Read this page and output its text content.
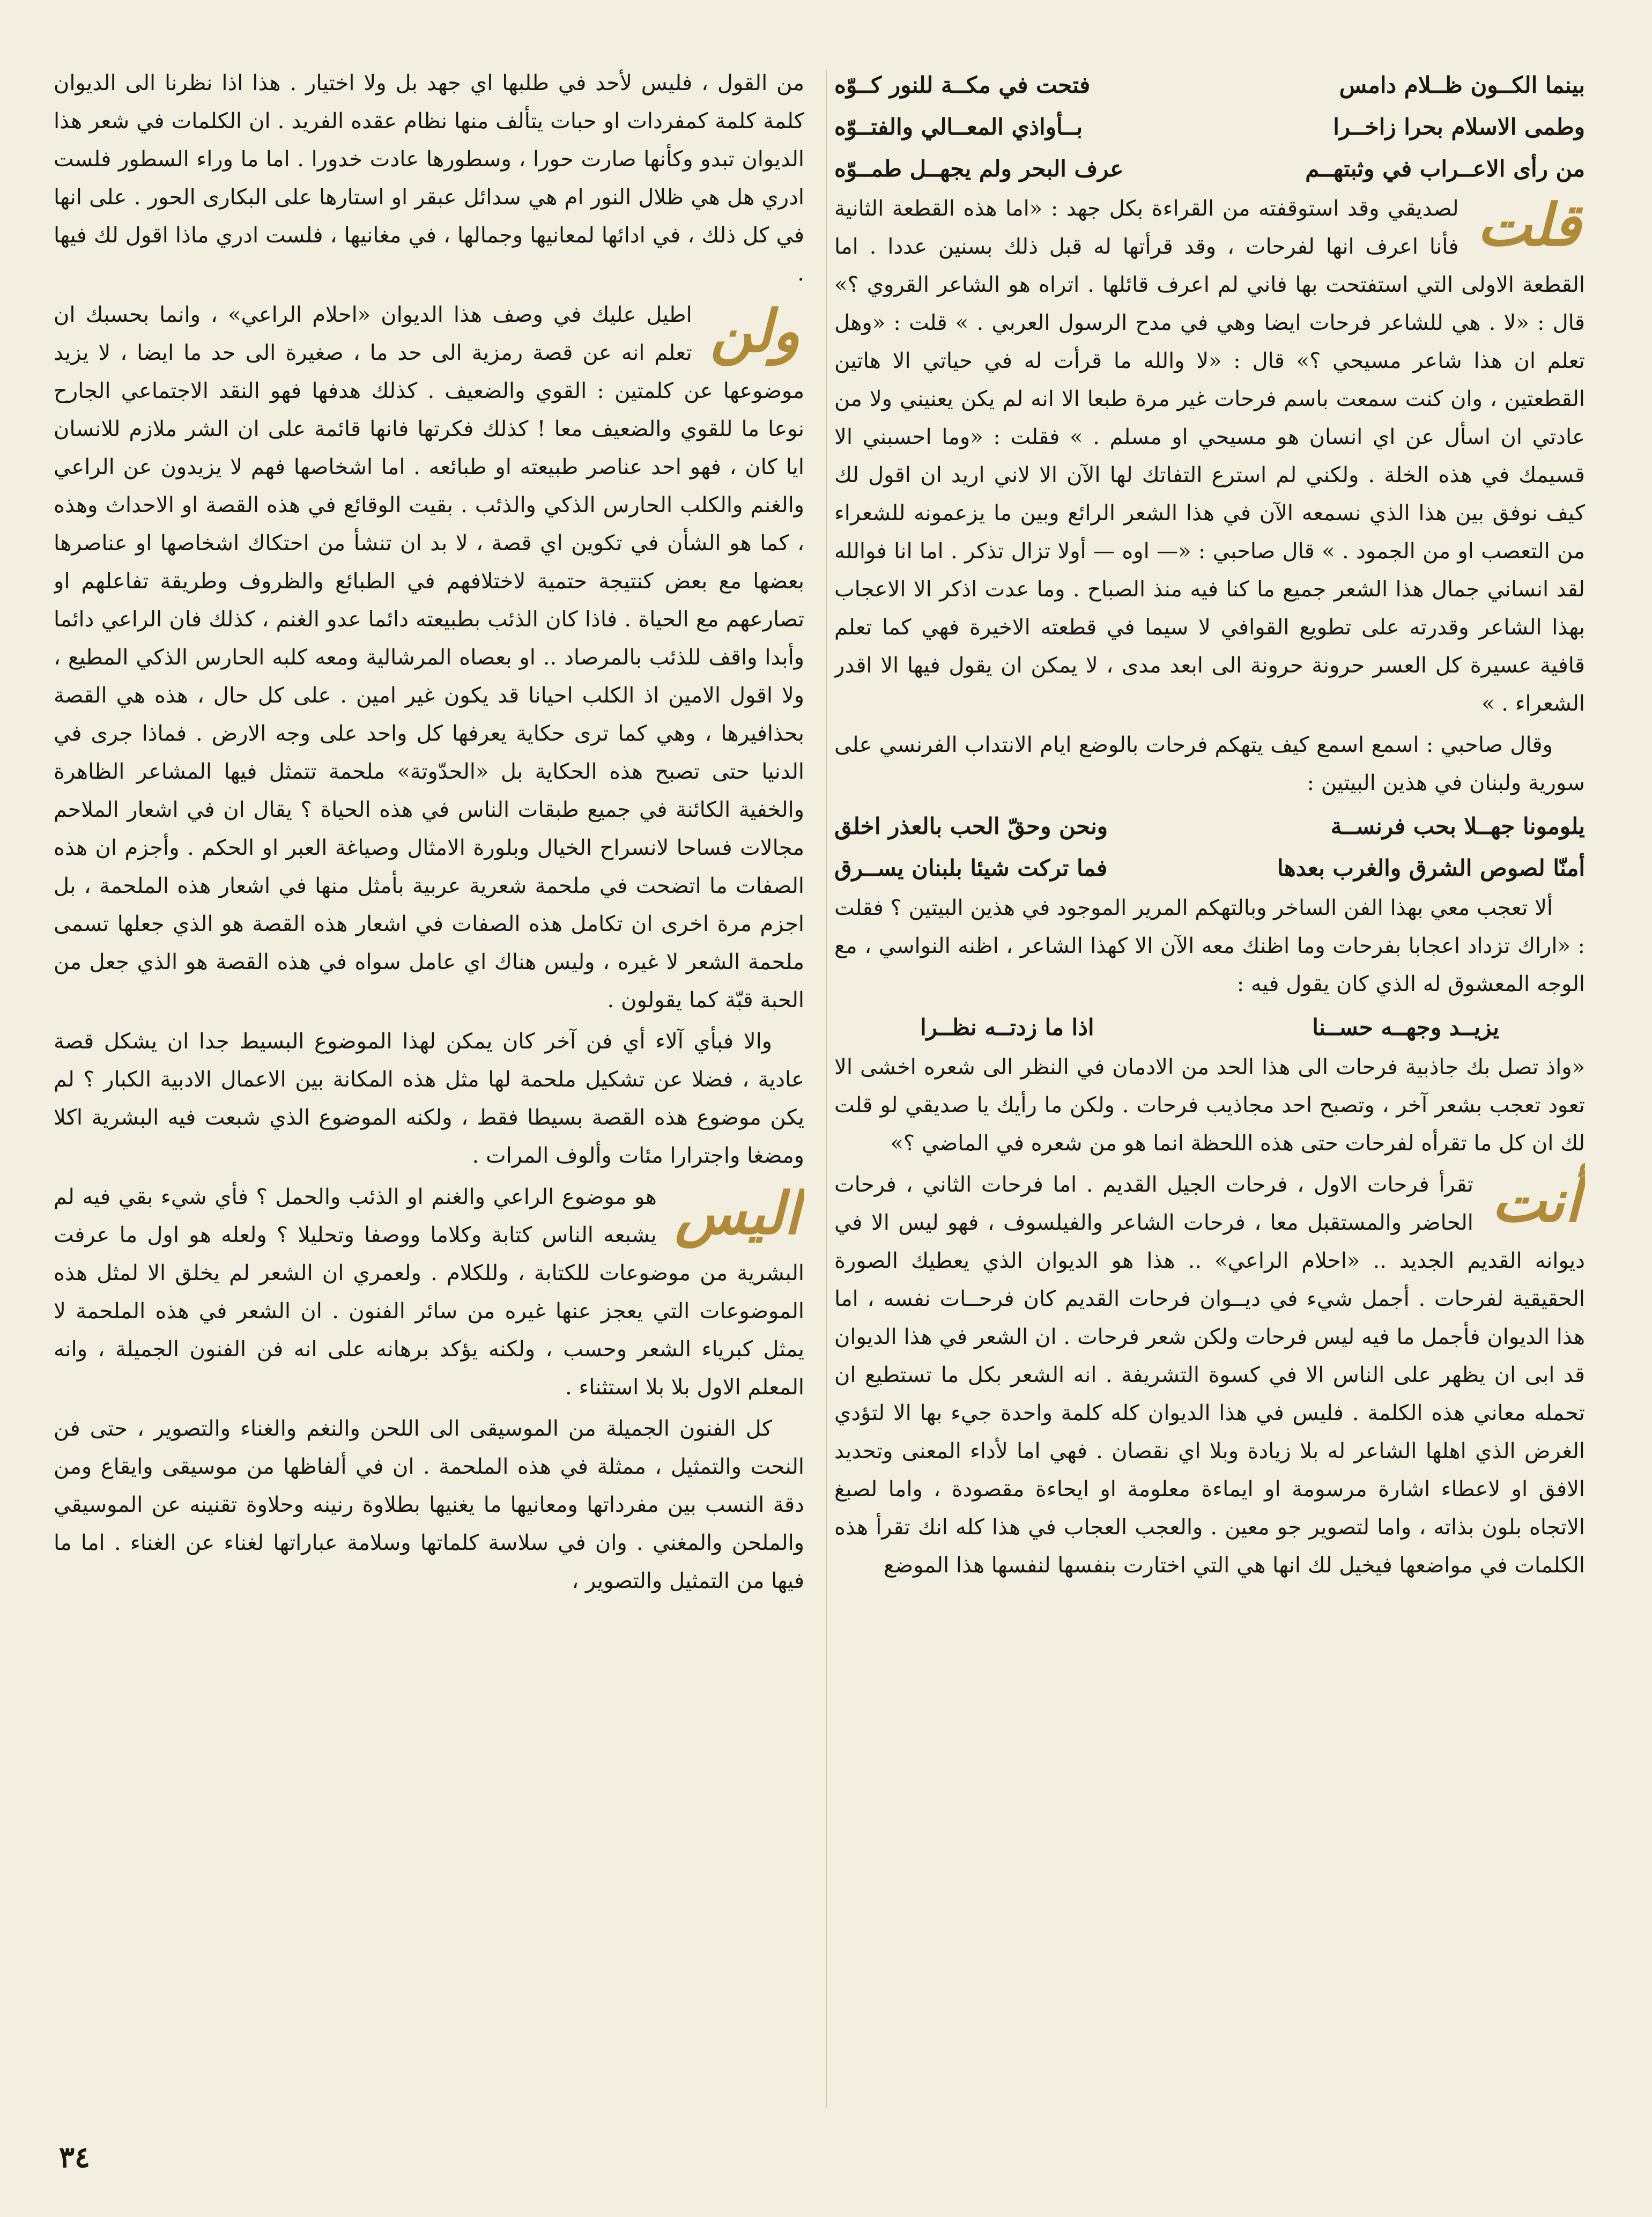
بينما الكــون ظــلام دامس
فتحت في مكــة للنور كــوّه
وطمى الاسلام بحرا زاخــرا
بــأواذي المعــالي والفتــوّه
من رأى الاعــراب في وثبتهــم
عرف البحر ولم يجهــل طمــوّه

قلت
لصديقي وقد استوقفته من القراءة بكل جهد : «اما هذه القطعة الثانية فأنا اعرف انها لفرحات ، وقد قرأتها له قبل ذلك بسنين عددا . اما القطعة الاولى التي استفتحت بها فاني لم اعرف قائلها . اتراه هو الشاعر القروي ؟» قال : «لا . هي للشاعر فرحات ايضا وهي في مدح الرسول العربي . » قلت : «وهل تعلم ان هذا شاعر مسيحي ؟» قال : «لا والله ما قرأت له في حياتي الا هاتين القطعتين ، وان كنت سمعت باسم فرحات غير مرة طبعا الا انه لم يكن يعنيني ولا من عادتي ان اسأل عن اي انسان هو مسيحي او مسلم . » فقلت : «وما احسبني الا قسيمك في هذه الخلة . ولكني لم استرع التفاتك لها الآن الا لاني اريد ان اقول لك كيف نوفق بين هذا الذي نسمعه الآن في هذا الشعر الرائع وبين ما يزعمونه للشعراء من التعصب او من الجمود . » قال صاحبي : «— اوه — أولا تزال تذكر . اما انا فوالله لقد انساني جمال هذا الشعر جميع ما كنا فيه منذ الصباح . وما عدت اذكر الا الاعجاب بهذا الشاعر وقدرته على تطويع القوافي لا سيما في قطعته الاخيرة فهي كما تعلم قافية عسيرة كل العسر حرونة حرونة الى ابعد مدى ، لا يمكن ان يقول فيها الا اقدر الشعراء . »

وقال صاحبي : اسمع اسمع كيف يتهكم فرحات بالوضع ايام الانتداب الفرنسي على سورية ولبنان في هذين البيتين :

يلومونا جهــلا بحب فرنســة
ونحن وحقّ الحب بالعذر اخلق
أمنّا لصوص الشرق والغرب بعدها
فما تركت شيئا بلبنان يســرق

ألا تعجب معي بهذا الفن الساخر وبالتهكم المرير الموجود في هذين البيتين ؟ فقلت : «اراك تزداد اعجابا بفرحات وما اظنك معه الآن الا كهذا الشاعر ، اظنه النواسي ، مع الوجه المعشوق له الذي كان يقول فيه :

يزيــد وجهــه حســنا
اذا ما زدتــه نظــرا

«واذ تصل بك جاذبية فرحات الى هذا الحد من الادمان في النظر الى شعره اخشى الا تعود تعجب بشعر آخر ، وتصبح احد مجاذيب فرحات . ولكن ما رأيك يا صديقي لو قلت لك ان كل ما تقرأه لفرحات حتى هذه اللحظة انما هو من شعره في الماضي ؟»

أنت
تقرأ فرحات الاول ، فرحات الجيل القديم . اما فرحات الثاني ، فرحات الحاضر والمستقبل معا ، فرحات الشاعر والفيلسوف ، فهو ليس الا في ديوانه القديم الجديد .. «احلام الراعي» .. هذا هو الديوان الذي يعطيك الصورة الحقيقية لفرحات . أجمل شيء في ديــوان فرحات القديم كان فرحــات نفسه ، اما هذا الديوان فأجمل ما فيه ليس فرحات ولكن شعر فرحات . ان الشعر في هذا الديوان قد ابى ان يظهر على الناس الا في كسوة التشريفة . انه الشعر بكل ما تستطيع ان تحمله معاني هذه الكلمة . فليس في هذا الديوان كله كلمة واحدة جيء بها الا لتؤدي الغرض الذي اهلها الشاعر له بلا زيادة وبلا اي نقصان . فهي اما لأداء المعنى وتحديد الافق او لاعطاء اشارة مرسومة او ايماءة معلومة او ايحاءة مقصودة ، واما لصبغ الاتجاه بلون بذاته ، واما لتصوير جو معين . والعجب العجاب في هذا كله انك تقرأ هذه الكلمات في مواضعها فيخيل لك انها هي التي اختارت بنفسها لنفسها هذا الموضع

من القول ، فليس لأحد في طلبها اي جهد بل ولا اختيار . هذا اذا نظرنا الى الديوان كلمة كلمة كمفردات او حبات يتألف منها نظام عقده الفريد . ان الكلمات في شعر هذا الديوان تبدو وكأنها صارت حورا ، وسطورها عادت خدورا . اما ما وراء السطور فلست ادري هل هي ظلال النور ام هي سدائل عبقر او استارها على البكارى الحور . على انها في كل ذلك ، في ادائها لمعانيها وجمالها ، في مغانيها ، فلست ادري ماذا اقول لك فيها .

ولن
اطيل عليك في وصف هذا الديوان «احلام الراعي» ، وانما بحسبك ان تعلم انه عن قصة رمزية الى حد ما ، صغيرة الى حد ما ايضا ، لا يزيد موضوعها عن كلمتين : القوي والضعيف . كذلك هدفها فهو النقد الاجتماعي الجارح نوعا ما للقوي والضعيف معا ! كذلك فكرتها فانها قائمة على ان الشر ملازم للانسان ايا كان ، فهو احد عناصر طبيعته او طبائعه . اما اشخاصها فهم لا يزيدون عن الراعي والغنم والكلب الحارس الذكي والذئب . بقيت الوقائع في هذه القصة او الاحداث وهذه ، كما هو الشأن في تكوين اي قصة ، لا بد ان تنشأ من احتكاك اشخاصها او عناصرها بعضها مع بعض كنتيجة حتمية لاختلافهم في الطبائع والظروف وطريقة تفاعلهم او تصارعهم مع الحياة . فاذا كان الذئب بطبيعته دائما عدو الغنم ، كذلك فان الراعي دائما وأبدا واقف للذئب بالمرصاد .. او بعصاه المرشالية ومعه كلبه الحارس الذكي المطيع ، ولا اقول الامين اذ الكلب احيانا قد يكون غير امين . على كل حال ، هذه هي القصة بحذافيرها ، وهي كما ترى حكاية يعرفها كل واحد على وجه الارض . فماذا جرى في الدنيا حتى تصبح هذه الحكاية بل «الحدّوتة» ملحمة تتمثل فيها المشاعر الظاهرة والخفية الكائنة في جميع طبقات الناس في هذه الحياة ؟ يقال ان في اشعار الملاحم مجالات فساحا لانسراح الخيال وبلورة الامثال وصياغة العبر او الحكم . وأجزم ان هذه الصفات ما اتضحت في ملحمة شعرية عربية بأمثل منها في اشعار هذه الملحمة ، بل اجزم مرة اخرى ان تكامل هذه الصفات في اشعار هذه القصة هو الذي جعلها تسمى ملحمة الشعر لا غيره ، وليس هناك اي عامل سواه في هذه القصة هو الذي جعل من الحبة قبّة كما يقولون .

والا فبأي آلاء أي فن آخر كان يمكن لهذا الموضوع البسيط جدا ان يشكل قصة عادية ، فضلا عن تشكيل ملحمة لها مثل هذه المكانة بين الاعمال الادبية الكبار ؟ لم يكن موضوع هذه القصة بسيطا فقط ، ولكنه الموضوع الذي شبعت فيه البشرية اكلا ومضغا واجترارا مئات وألوف المرات .

اليس
هو موضوع الراعي والغنم او الذئب والحمل ؟ فأي شيء بقي فيه لم يشبعه الناس كتابة وكلاما ووصفا وتحليلا ؟ ولعله هو اول ما عرفت البشرية من موضوعات للكتابة ، وللكلام . ولعمري ان الشعر لم يخلق الا لمثل هذه الموضوعات التي يعجز عنها غيره من سائر الفنون . ان الشعر في هذه الملحمة لا يمثل كبرياء الشعر وحسب ، ولكنه يؤكد برهانه على انه فن الفنون الجميلة ، وانه المعلم الاول بلا بلا استثناء .

كل الفنون الجميلة من الموسيقى الى اللحن والنغم والغناء والتصوير ، حتى فن النحت والتمثيل ، ممثلة في هذه الملحمة . ان في ألفاظها من موسيقى وايقاع ومن دقة النسب بين مفرداتها ومعانيها ما يغنيها بطلاوة رنينه وحلاوة تقنينه عن الموسيقي والملحن والمغني . وان في سلاسة كلماتها وسلامة عباراتها لغناء عن الغناء . اما ما فيها من التمثيل والتصوير ،

٣٤
